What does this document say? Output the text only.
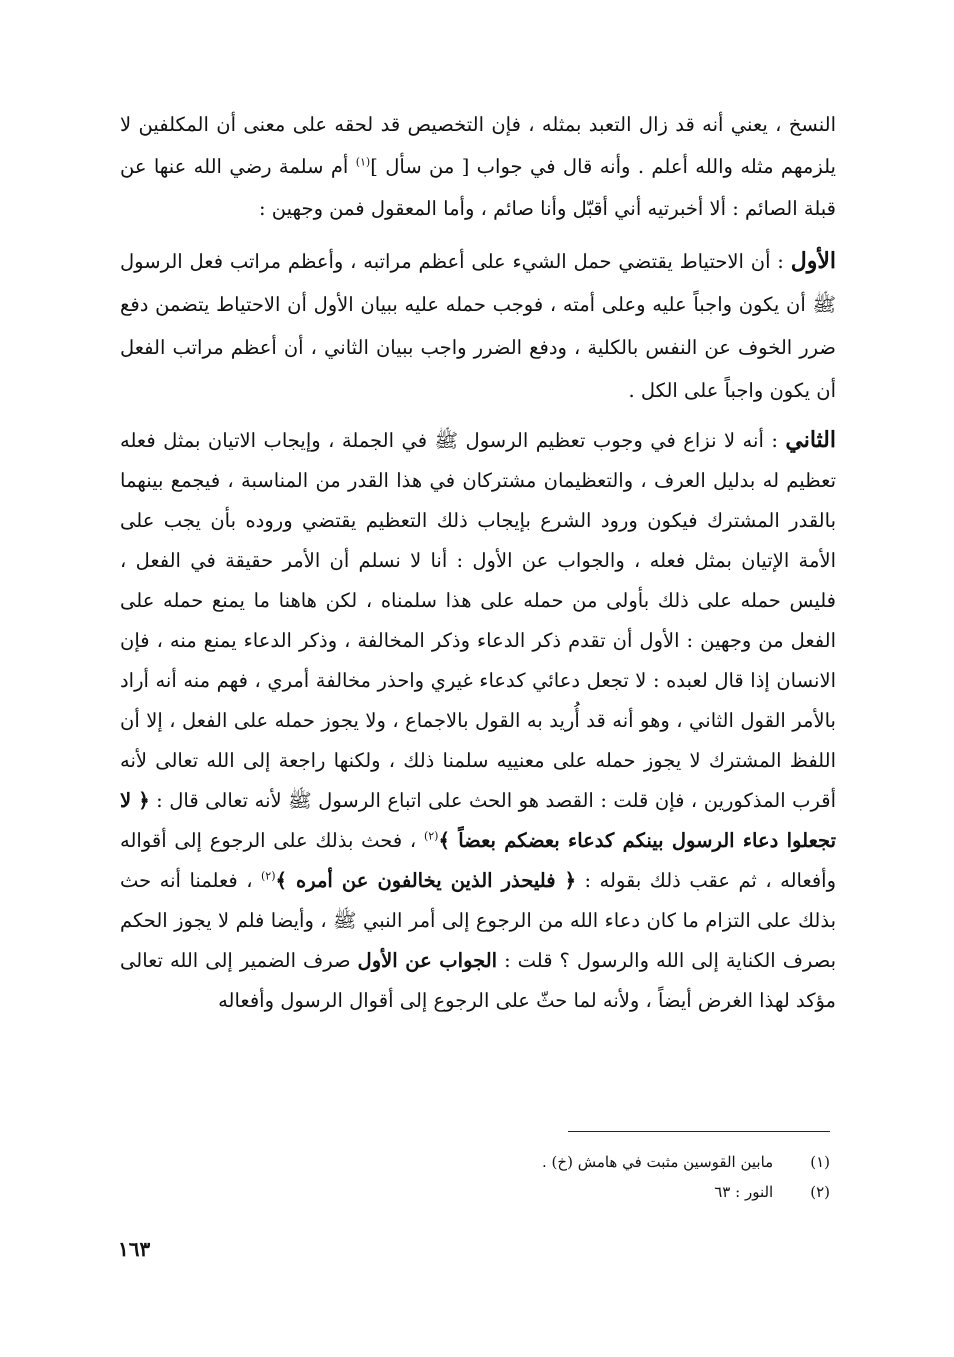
النسخ ، يعني أنه قد زال التعبد بمثله ، فإن التخصيص قد لحقه على معنى أن المكلفين لا يلزمهم مثله والله أعلم . وأنه قال في جواب [ من سأل ]$^{(١)}$ أم سلمة رضي الله عنها عن قبلة الصائم : ألا أخبرتيه أني أقبّل وأنا صائم ، وأما المعقول فمن وجهين :

الأول : أن الاحتياط يقتضي حمل الشيء على أعظم مراتبه ، وأعظم مراتب فعل الرسول ﷺ أن يكون واجباً عليه وعلى أمته ، فوجب حمله عليه ببيان الأول أن الاحتياط يتضمن دفع ضرر الخوف عن النفس بالكلية ، ودفع الضرر واجب ببيان الثاني ، أن أعظم مراتب الفعل أن يكون واجباً على الكل .

الثاني : أنه لا نزاع في وجوب تعظيم الرسول ﷺ في الجملة ، وإيجاب الاتيان بمثل فعله تعظيم له بدليل العرف ، والتعظيمان مشتركان في هذا القدر من المناسبة ، فيجمع بينهما بالقدر المشترك فيكون ورود الشرع بإيجاب ذلك التعظيم يقتضي وروده بأن يجب على الأمة الإتيان بمثل فعله ، والجواب عن الأول : أنا لا نسلم أن الأمر حقيقة في الفعل ، فليس حمله على ذلك بأولى من حمله على هذا سلمناه ، لكن هاهنا ما يمنع حمله على الفعل من وجهين : الأول أن تقدم ذكر الدعاء وذكر المخالفة ، وذكر الدعاء يمنع منه ، فإن الانسان إذا قال لعبده : لا تجعل دعائي كدعاء غيري واحذر مخالفة أمري ، فهم منه أنه أراد بالأمر القول الثاني ، وهو أنه قد أُريد به القول بالاجماع ، ولا يجوز حمله على الفعل ، إلا أن اللفظ المشترك لا يجوز حمله على معنييه سلمنا ذلك ، ولكنها راجعة إلى الله تعالى لأنه أقرب المذكورين ، فإن قلت : القصد هو الحث على اتباع الرسول ﷺ لأنه تعالى قال : ﴿ لا تجعلوا دعاء الرسول بينكم كدعاء بعضكم بعضاً ﴾$^{(٢)}$ ، فحث بذلك على الرجوع إلى أقواله وأفعاله ، ثم عقب ذلك بقوله : ﴿ فليحذر الذين يخالفون عن أمره ﴾$^{(٢)}$ ، فعلمنا أنه حث بذلك على التزام ما كان دعاء الله من الرجوع إلى أمر النبي ﷺ ، وأيضا فلم لا يجوز الحكم بصرف الكناية إلى الله والرسول ؟ قلت : الجواب عن الأول صرف الضمير إلى الله تعالى مؤكد لهذا الغرض أيضاً ، ولأنه لما حثّ على الرجوع إلى أقوال الرسول وأفعاله

(١) مابين القوسين مثبت في هامش (خ) .
(٢) النور : ٦٣
١٦٣
